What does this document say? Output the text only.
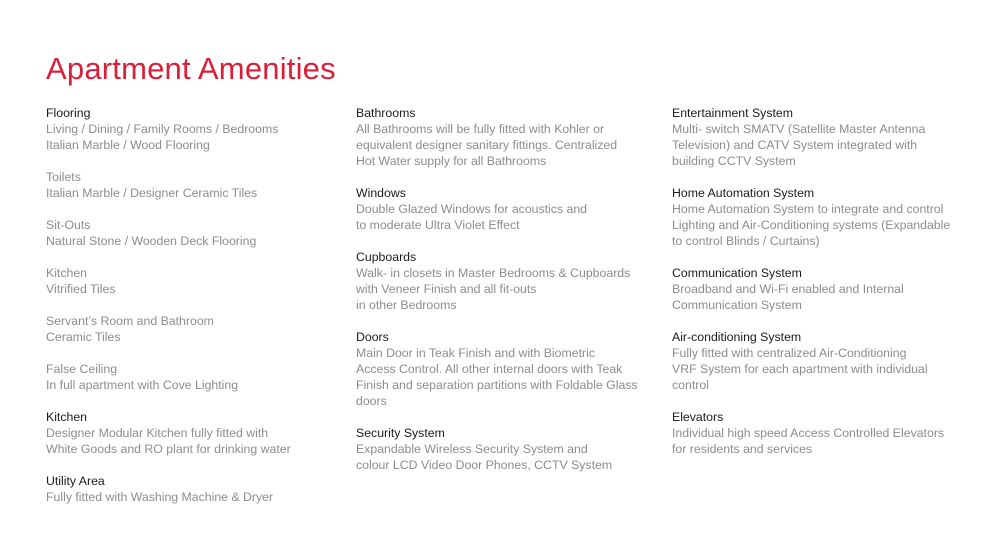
Apartment Amenities
Flooring
Living / Dining / Family Rooms / Bedrooms
Italian Marble / Wood Flooring
Toilets
Italian Marble / Designer Ceramic Tiles
Sit-Outs
Natural Stone / Wooden Deck Flooring
Kitchen
Vitrified Tiles
Servant’s Room and Bathroom
Ceramic Tiles
False Ceiling
In full apartment with Cove Lighting
Kitchen
Designer Modular Kitchen fully fitted with
White Goods and RO plant for drinking water
Utility Area
Fully fitted with Washing Machine & Dryer
Bathrooms
All Bathrooms will be fully fitted with Kohler or
equivalent designer sanitary fittings. Centralized
Hot Water supply for all Bathrooms
Windows
Double Glazed Windows for acoustics and
to moderate Ultra Violet Effect
Cupboards
Walk- in closets in Master Bedrooms & Cupboards
with Veneer Finish and all fit-outs
in other Bedrooms
Doors
Main Door in Teak Finish and with Biometric
Access Control. All other internal doors with Teak
Finish and separation partitions with Foldable Glass
doors
Security System
Expandable Wireless Security System and
colour LCD Video Door Phones, CCTV System
Entertainment System
Multi- switch SMATV (Satellite Master Antenna
Television) and CATV System integrated with
building CCTV System
Home Automation System
Home Automation System to integrate and control
Lighting and Air-Conditioning systems (Expandable
to control Blinds / Curtains)
Communication System
Broadband and Wi-Fi enabled and Internal
Communication System
Air-conditioning System
Fully fitted with centralized Air-Conditioning
VRF System for each apartment with individual
control
Elevators
Individual high speed Access Controlled Elevators
for residents and services
